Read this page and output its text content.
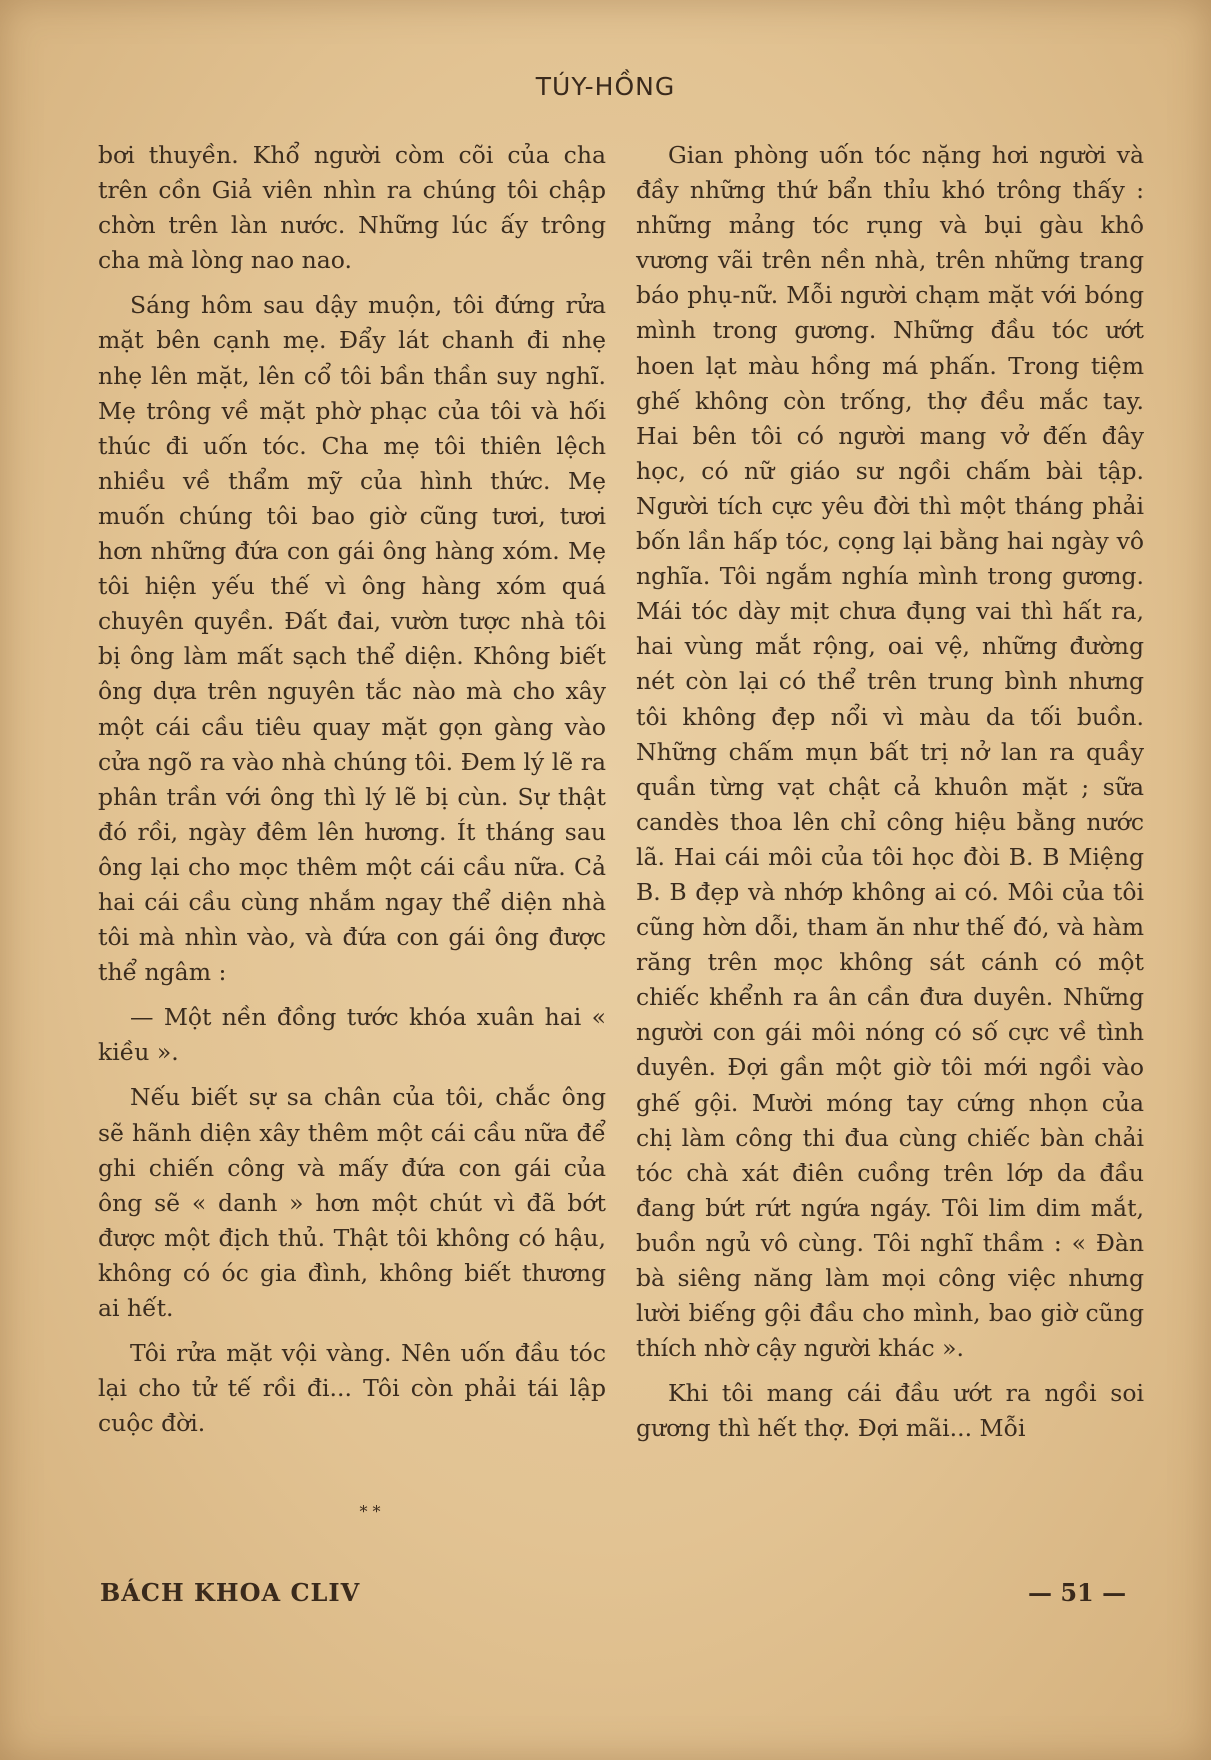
TÚY-HỒNG

bơi thuyền. Khổ người còm cõi của cha trên cồn Giả viên nhìn ra chúng tôi chập chờn trên làn nước. Những lúc ấy trông cha mà lòng nao nao.

Sáng hôm sau dậy muộn, tôi đứng rửa mặt bên cạnh mẹ. Đẩy lát chanh đi nhẹ nhẹ lên mặt, lên cổ tôi bần thần suy nghĩ. Mẹ trông về mặt phờ phạc của tôi và hối thúc đi uốn tóc. Cha mẹ tôi thiên lệch nhiều về thẩm mỹ của hình thức. Mẹ muốn chúng tôi bao giờ cũng tươi, tươi hơn những đứa con gái ông hàng xóm. Mẹ tôi hiện yếu thế vì ông hàng xóm quá chuyên quyền. Đất đai, vườn tược nhà tôi bị ông làm mất sạch thể diện. Không biết ông dựa trên nguyên tắc nào mà cho xây một cái cầu tiêu quay mặt gọn gàng vào cửa ngõ ra vào nhà chúng tôi. Đem lý lẽ ra phân trần với ông thì lý lẽ bị cùn. Sự thật đó rồi, ngày đêm lên hương. Ít tháng sau ông lại cho mọc thêm một cái cầu nữa. Cả hai cái cầu cùng nhắm ngay thể diện nhà tôi mà nhìn vào, và đứa con gái ông được thể ngâm :

— Một nền đồng tước khóa xuân hai « kiều ».

Nếu biết sự sa chân của tôi, chắc ông sẽ hãnh diện xây thêm một cái cầu nữa để ghi chiến công và mấy đứa con gái của ông sẽ « danh » hơn một chút vì đã bớt được một địch thủ. Thật tôi không có hậu, không có óc gia đình, không biết thương ai hết.

Tôi rửa mặt vội vàng. Nên uốn đầu tóc lại cho tử tế rồi đi... Tôi còn phải tái lập cuộc đời.

* *

Gian phòng uốn tóc nặng hơi người và đầy những thứ bẩn thỉu khó trông thấy : những mảng tóc rụng và bụi gàu khô vương vãi trên nền nhà, trên những trang báo phụ-nữ. Mỗi người chạm mặt với bóng mình trong gương. Những đầu tóc ướt hoen lạt màu hồng má phấn. Trong tiệm ghế không còn trống, thợ đều mắc tay. Hai bên tôi có người mang vở đến đây học, có nữ giáo sư ngồi chấm bài tập. Người tích cực yêu đời thì một tháng phải bốn lần hấp tóc, cọng lại bằng hai ngày vô nghĩa. Tôi ngắm nghía mình trong gương. Mái tóc dày mịt chưa đụng vai thì hất ra, hai vùng mắt rộng, oai vệ, những đường nét còn lại có thể trên trung bình nhưng tôi không đẹp nổi vì màu da tối buồn. Những chấm mụn bất trị nở lan ra quầy quần từng vạt chật cả khuôn mặt ; sữa candès thoa lên chỉ công hiệu bằng nước lã. Hai cái môi của tôi học đòi B. B Miệng B. B đẹp và nhớp không ai có. Môi của tôi cũng hờn dỗi, tham ăn như thế đó, và hàm răng trên mọc không sát cánh có một chiếc khểnh ra ân cần đưa duyên. Những người con gái môi nóng có số cực về tình duyên. Đợi gần một giờ tôi mới ngồi vào ghế gội. Mười móng tay cứng nhọn của chị làm công thi đua cùng chiếc bàn chải tóc chà xát điên cuồng trên lớp da đầu đang bứt rứt ngứa ngáy. Tôi lim dim mắt, buồn ngủ vô cùng. Tôi nghĩ thầm : « Đàn bà siêng năng làm mọi công việc nhưng lười biếng gội đầu cho mình, bao giờ cũng thích nhờ cậy người khác ».

Khi tôi mang cái đầu ướt ra ngồi soi gương thì hết thợ. Đợi mãi... Mỗi

BÁCH KHOA CLIV	— 51 —
